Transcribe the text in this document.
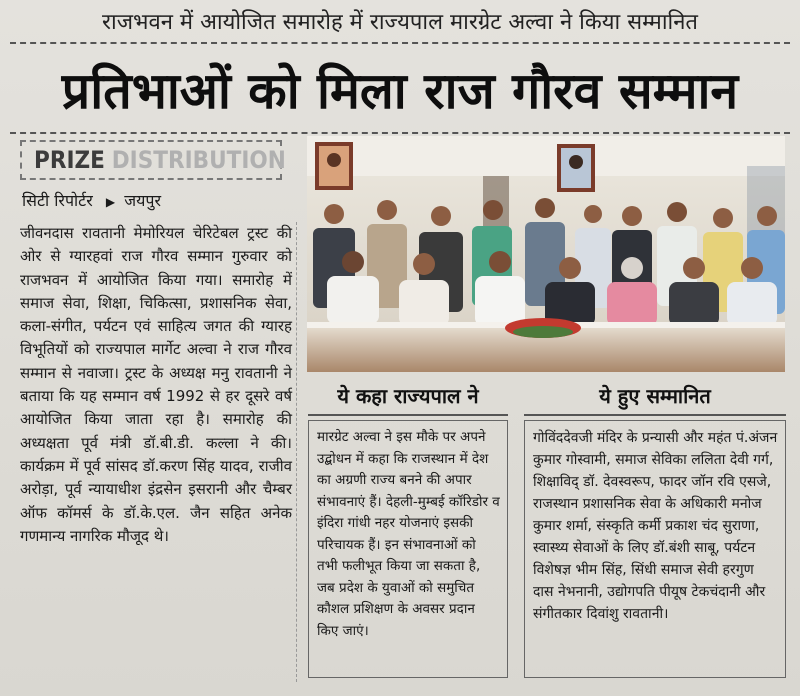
राजभवन में आयोजित समारोह में राज्यपाल मारग्रेट अल्वा ने किया सम्मानित
प्रतिभाओं को मिला राज गौरव सम्मान
PRIZE DISTRIBUTION
सिटी रिपोर्टर ▶ जयपुर

जीवनदास रावतानी मेमोरियल चेरिटेबल ट्रस्ट की ओर से ग्यारहवां राज गौरव सम्मान गुरुवार को राजभवन में आयोजित किया गया। समारोह में समाज सेवा, शिक्षा, चिकित्सा, प्रशासनिक सेवा, कला-संगीत, पर्यटन एवं साहित्य जगत की ग्यारह विभूतियों को राज्यपाल मार्गेट अल्वा ने राज गौरव सम्मान से नवाजा। ट्रस्ट के अध्यक्ष मनु रावतानी ने बताया कि यह सम्मान वर्ष 1992 से हर दूसरे वर्ष आयोजित किया जाता रहा है। समारोह की अध्यक्षता पूर्व मंत्री डॉ.बी.डी. कल्ला ने की। कार्यक्रम में पूर्व सांसद डॉ.करण सिंह यादव, राजीव अरोड़ा, पूर्व न्यायाधीश इंद्रसेन इसरानी और चैम्बर ऑफ कॉमर्स के डॉ.के.एल. जैन सहित अनेक गणमान्य नागरिक मौजूद थे।

ये कहा राज्यपाल ने	ये हुए सम्मानित

मारग्रेट अल्वा ने इस मौके पर अपने उद्बोधन में कहा कि राजस्थान में देश का अग्रणी राज्य बनने की अपार संभावनाएं हैं। देहली-मुम्बई कॉरिडोर व इंदिरा गांधी नहर योजनाएं इसकी परिचायक हैं। इन संभावनाओं को तभी फलीभूत किया जा सकता है, जब प्रदेश के युवाओं को समुचित कौशल प्रशिक्षण के अवसर प्रदान किए जाएं।

गोविंददेवजी मंदिर के प्रन्यासी और महंत पं.अंजन कुमार गोस्वामी, समाज सेविका ललिता देवी गर्ग, शिक्षाविद् डॉ. देवस्वरूप, फादर जॉन रवि एसजे, राजस्थान प्रशासनिक सेवा के अधिकारी मनोज कुमार शर्मा, संस्कृति कर्मी प्रकाश चंद सुराणा, स्वास्थ्य सेवाओं के लिए डॉ.बंशी साबू, पर्यटन विशेषज्ञ भीम सिंह, सिंधी समाज सेवी हरगुण दास नेभनानी, उद्योगपति पीयूष टेकचंदानी और संगीतकार दिवांशु रावतानी।
